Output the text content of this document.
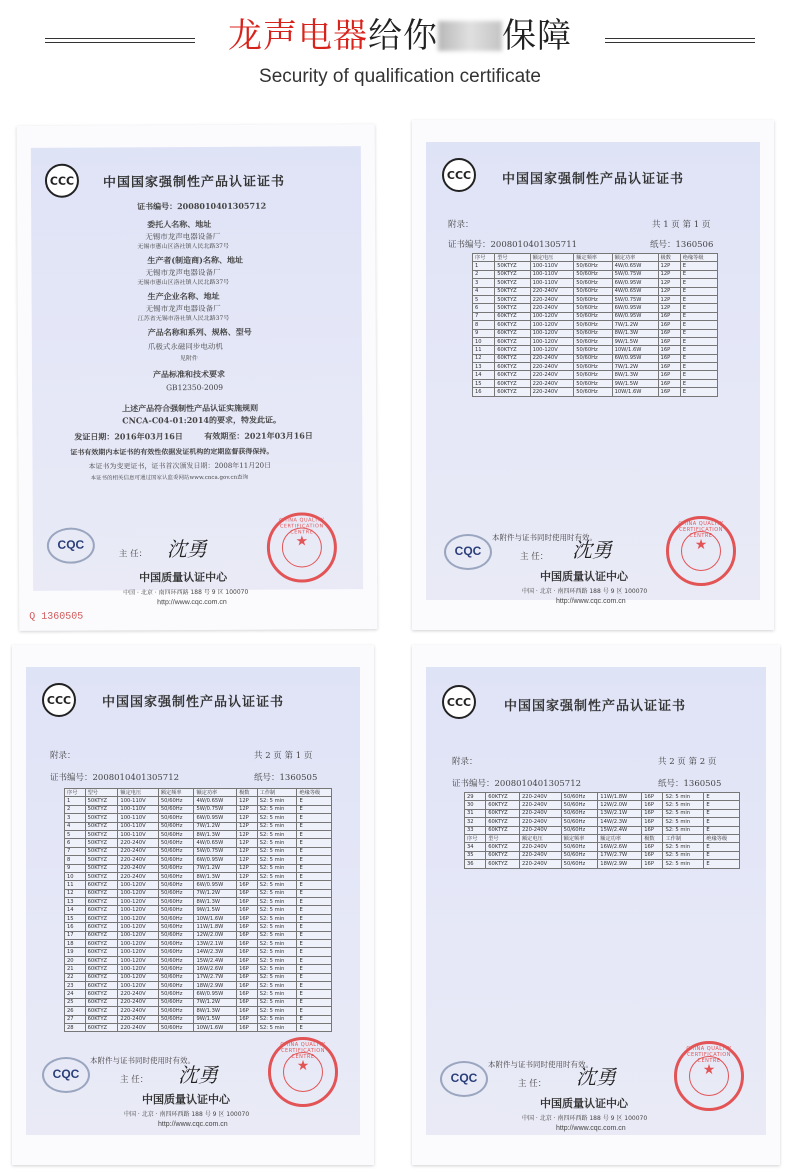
龙声电器给你 保障
Security of qualification certificate
CCC	中国国家强制性产品认证证书
证书编号：2008010401305712
委托人名称、地址
无锡市龙声电器设备厂
无锡市惠山区洛社镇人民北路37号
生产者(制造商)名称、地址
无锡市龙声电器设备厂
无锡市惠山区洛社镇人民北路37号
生产企业名称、地址
无锡市龙声电器设备厂
江苏省无锡市洛社镇人民北路37号
产品名称和系列、规格、型号
爪极式永磁同步电动机
见附件
产品标准和技术要求
GB12350-2009
上述产品符合强制性产品认证实施规则
CNCA-C04-01:2014的要求，特发此证。
发证日期：2016年03月16日	有效期至：2021年03月16日
证书有效期内本证书的有效性依据发证机构的定期监督获得保持。
本证书为变更证书，证书首次颁发日期：2008年11月20日
本证书的相关信息可通过国家认监委网站www.cnca.gov.cn查询
CQC
主 任： 沈勇
CHINA QUALITY CERTIFICATION CENTRE
★
中国质量认证中心
中国 · 北京 · 南四环西路 188 号 9 区 100070
http://www.cqc.com.cn
Q 1360505
CCC	中国国家强制性产品认证证书
附录：	共 1 页 第 1 页
证书编号：2008010401305711	纸号：1360506
序号	型号	额定电压	额定频率	额定功率	极数	绝缘等级
1	50KTYZ	100-110V	50/60Hz	4W/0.65W	12P	E
2	50KTYZ	100-110V	50/60Hz	5W/0.75W	12P	E
3	50KTYZ	100-110V	50/60Hz	6W/0.95W	12P	E
4	50KTYZ	220-240V	50/60Hz	4W/0.65W	12P	E
5	50KTYZ	220-240V	50/60Hz	5W/0.75W	12P	E
6	50KTYZ	220-240V	50/60Hz	6W/0.95W	12P	E
7	60KTYZ	100-120V	50/60Hz	6W/0.95W	16P	E
8	60KTYZ	100-120V	50/60Hz	7W/1.2W	16P	E
9	60KTYZ	100-120V	50/60Hz	8W/1.3W	16P	E
10	60KTYZ	100-120V	50/60Hz	9W/1.5W	16P	E
11	60KTYZ	100-120V	50/60Hz	10W/1.6W	16P	E
12	60KTYZ	220-240V	50/60Hz	6W/0.95W	16P	E
13	60KTYZ	220-240V	50/60Hz	7W/1.2W	16P	E
14	60KTYZ	220-240V	50/60Hz	8W/1.3W	16P	E
15	60KTYZ	220-240V	50/60Hz	9W/1.5W	16P	E
16	60KTYZ	220-240V	50/60Hz	10W/1.6W	16P	E
CQC
本附件与证书同时使用时有效。
主 任： 沈勇
CHINA QUALITY CERTIFICATION CENTRE
★
中国质量认证中心
中国 · 北京 · 南四环西路 188 号 9 区 100070
http://www.cqc.com.cn
CCC	中国国家强制性产品认证证书
附录：	共 2 页 第 1 页
证书编号：2008010401305712	纸号：1360505
序号	型号	额定电压	额定频率	额定功率	极数	工作制	绝缘等级
1	50KTYZ	100-110V	50/60Hz	4W/0.65W	12P	S2: 5 min	E
2	50KTYZ	100-110V	50/60Hz	5W/0.75W	12P	S2: 5 min	E
3	50KTYZ	100-110V	50/60Hz	6W/0.95W	12P	S2: 5 min	E
4	50KTYZ	100-110V	50/60Hz	7W/1.2W	12P	S2: 5 min	E
5	50KTYZ	100-110V	50/60Hz	8W/1.3W	12P	S2: 5 min	E
6	50KTYZ	220-240V	50/60Hz	4W/0.65W	12P	S2: 5 min	E
7	50KTYZ	220-240V	50/60Hz	5W/0.75W	12P	S2: 5 min	E
8	50KTYZ	220-240V	50/60Hz	6W/0.95W	12P	S2: 5 min	E
9	50KTYZ	220-240V	50/60Hz	7W/1.2W	12P	S2: 5 min	E
10	50KTYZ	220-240V	50/60Hz	8W/1.3W	12P	S2: 5 min	E
11	60KTYZ	100-120V	50/60Hz	6W/0.95W	16P	S2: 5 min	E
12	60KTYZ	100-120V	50/60Hz	7W/1.2W	16P	S2: 5 min	E
13	60KTYZ	100-120V	50/60Hz	8W/1.3W	16P	S2: 5 min	E
14	60KTYZ	100-120V	50/60Hz	9W/1.5W	16P	S2: 5 min	E
15	60KTYZ	100-120V	50/60Hz	10W/1.6W	16P	S2: 5 min	E
16	60KTYZ	100-120V	50/60Hz	11W/1.8W	16P	S2: 5 min	E
17	60KTYZ	100-120V	50/60Hz	12W/2.0W	16P	S2: 5 min	E
18	60KTYZ	100-120V	50/60Hz	13W/2.1W	16P	S2: 5 min	E
19	60KTYZ	100-120V	50/60Hz	14W/2.3W	16P	S2: 5 min	E
20	60KTYZ	100-120V	50/60Hz	15W/2.4W	16P	S2: 5 min	E
21	60KTYZ	100-120V	50/60Hz	16W/2.6W	16P	S2: 5 min	E
22	60KTYZ	100-120V	50/60Hz	17W/2.7W	16P	S2: 5 min	E
23	60KTYZ	100-120V	50/60Hz	18W/2.9W	16P	S2: 5 min	E
24	60KTYZ	220-240V	50/60Hz	6W/0.95W	16P	S2: 5 min	E
25	60KTYZ	220-240V	50/60Hz	7W/1.2W	16P	S2: 5 min	E
26	60KTYZ	220-240V	50/60Hz	8W/1.3W	16P	S2: 5 min	E
27	60KTYZ	220-240V	50/60Hz	9W/1.5W	16P	S2: 5 min	E
28	60KTYZ	220-240V	50/60Hz	10W/1.6W	16P	S2: 5 min	E
CQC
本附件与证书同时使用时有效。
主 任： 沈勇
CHINA QUALITY CERTIFICATION CENTRE
★
中国质量认证中心
中国 · 北京 · 南四环西路 188 号 9 区 100070
http://www.cqc.com.cn
CCC	中国国家强制性产品认证证书
附录：	共 2 页 第 2 页
证书编号：2008010401305712	纸号：1360505
29	60KTYZ	220-240V	50/60Hz	11W/1.8W	16P	S2: 5 min	E
30	60KTYZ	220-240V	50/60Hz	12W/2.0W	16P	S2: 5 min	E
31	60KTYZ	220-240V	50/60Hz	13W/2.1W	16P	S2: 5 min	E
32	60KTYZ	220-240V	50/60Hz	14W/2.3W	16P	S2: 5 min	E
33	60KTYZ	220-240V	50/60Hz	15W/2.4W	16P	S2: 5 min	E
序号	型号	额定电压	额定频率	额定功率	极数	工作制	绝缘等级
34	60KTYZ	220-240V	50/60Hz	16W/2.6W	16P	S2: 5 min	E
35	60KTYZ	220-240V	50/60Hz	17W/2.7W	16P	S2: 5 min	E
36	60KTYZ	220-240V	50/60Hz	18W/2.9W	16P	S2: 5 min	E
CQC
本附件与证书同时使用时有效。
主 任： 沈勇
CHINA QUALITY CERTIFICATION CENTRE
★
中国质量认证中心
中国 · 北京 · 南四环西路 188 号 9 区 100070
http://www.cqc.com.cn
